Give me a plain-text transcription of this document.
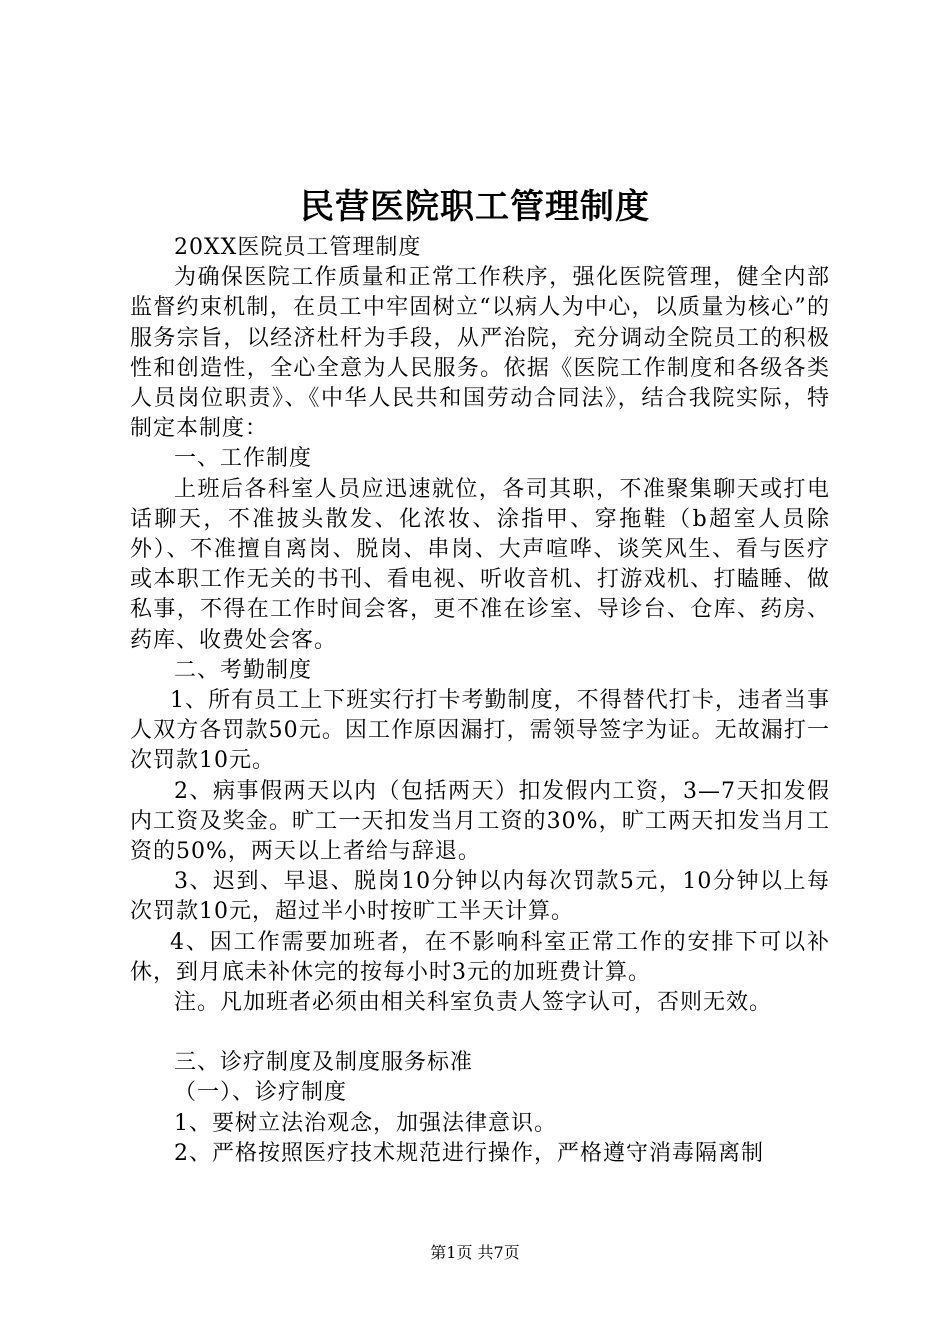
民营医院职工管理制度

20XX医院员工管理制度

为确保医院工作质量和正常工作秩序，强化医院管理，健全内部监督约束机制，在员工中牢固树立“以病人为中心，以质量为核心”的服务宗旨，以经济杜杆为手段，从严治院，充分调动全院员工的积极性和创造性，全心全意为人民服务。依据《医院工作制度和各级各类人员岗位职责》、《中华人民共和国劳动合同法》，结合我院实际，特制定本制度：

一、工作制度

上班后各科室人员应迅速就位，各司其职，不准聚集聊天或打电话聊天，不准披头散发、化浓妆、涂指甲、穿拖鞋（b超室人员除外）、不准擅自离岗、脱岗、串岗、大声喧哗、谈笑风生、看与医疗或本职工作无关的书刊、看电视、听收音机、打游戏机、打瞌睡、做私事，不得在工作时间会客，更不准在诊室、导诊台、仓库、药房、药库、收费处会客。

二、考勤制度

1、所有员工上下班实行打卡考勤制度，不得替代打卡，违者当事人双方各罚款50元。因工作原因漏打，需领导签字为证。无故漏打一次罚款10元。

2、病事假两天以内（包括两天）扣发假内工资，3—7天扣发假内工资及奖金。旷工一天扣发当月工资的30%，旷工两天扣发当月工资的50%，两天以上者给与辞退。

3、迟到、早退、脱岗10分钟以内每次罚款5元，10分钟以上每次罚款10元，超过半小时按旷工半天计算。

4、因工作需要加班者，在不影响科室正常工作的安排下可以补休，到月底未补休完的按每小时3元的加班费计算。

注。凡加班者必须由相关科室负责人签字认可，否则无效。

三、诊疗制度及制度服务标准

（一）、诊疗制度

1、要树立法治观念，加强法律意识。

2、严格按照医疗技术规范进行操作，严格遵守消毒隔离制

第1页 共7页
